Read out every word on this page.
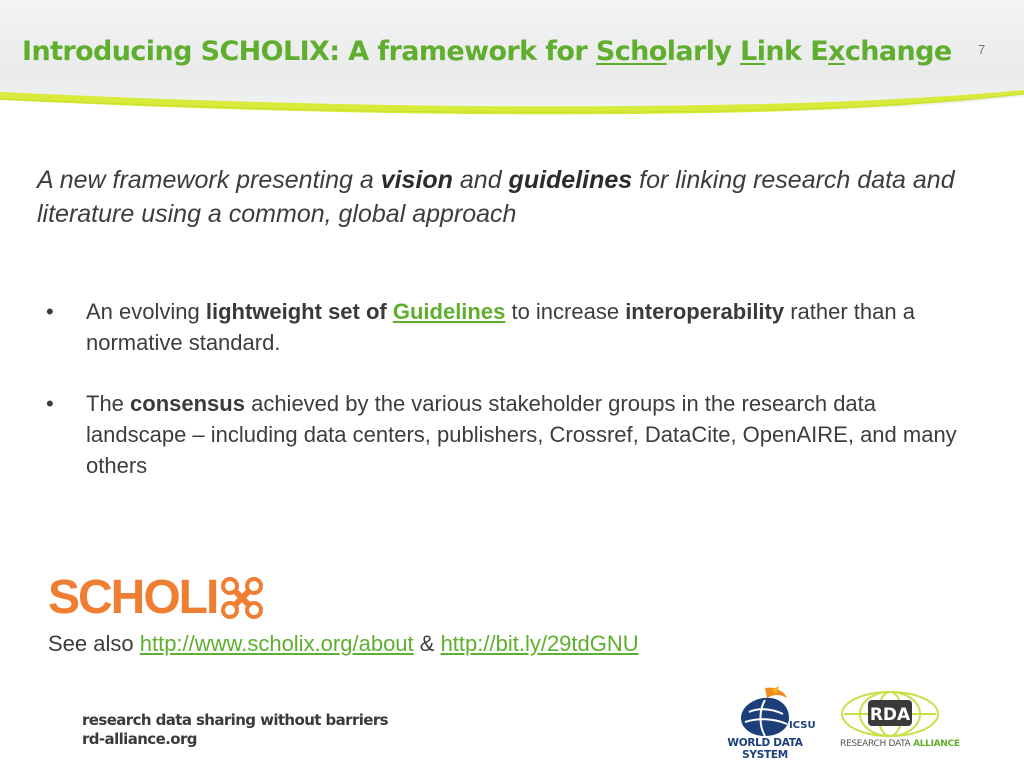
Introducing SCHOLIX: A framework for Scholarly Link Exchange 7
A new framework presenting a vision and guidelines for linking research data and literature using a common, global approach
• An evolving lightweight set of Guidelines to increase interoperability rather than a normative standard.
• The consensus achieved by the various stakeholder groups in the research data landscape – including data centers, publishers, Crossref, DataCite, OpenAIRE, and many others
SCHOLI
See also http://www.scholix.org/about & http://bit.ly/29tdGNU
research data sharing without barriers
rd-alliance.org
ICSU
WORLD DATA SYSTEM
RDA
RESEARCH DATA ALLIANCE
